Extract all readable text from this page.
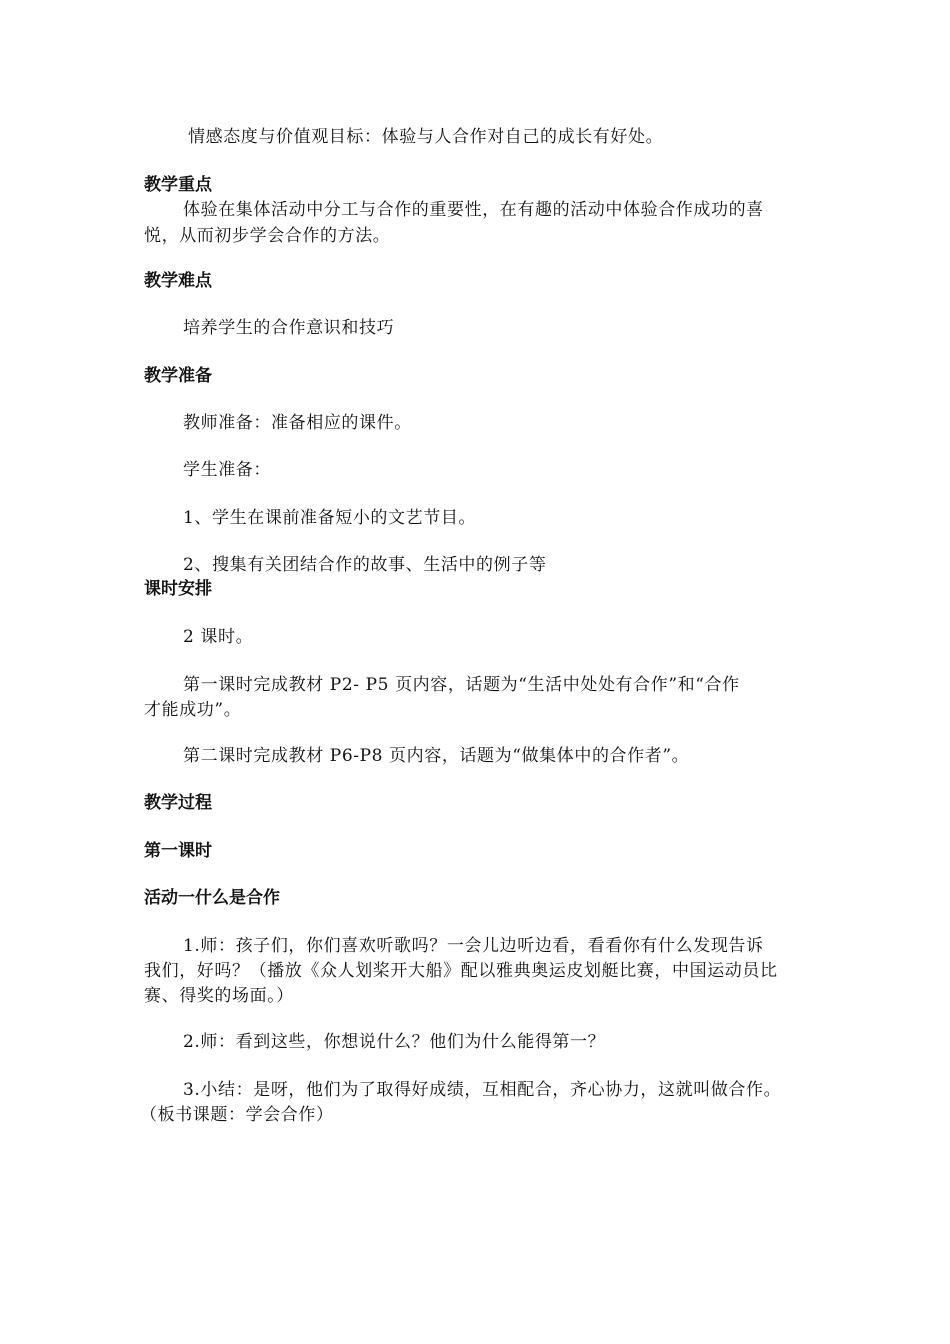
情感态度与价值观目标：体验与人合作对自己的成长有好处。
教学重点
体验在集体活动中分工与合作的重要性，在有趣的活动中体验合作成功的喜
悦，从而初步学会合作的方法。
教学难点
培养学生的合作意识和技巧
教学准备
教师准备：准备相应的课件。
学生准备：
1、学生在课前准备短小的文艺节目。
2、搜集有关团结合作的故事、生活中的例子等
课时安排
2 课时。
第一课时完成教材 P2- P5 页内容，话题为“生活中处处有合作”和“合作
才能成功”。
第二课时完成教材 P6-P8 页内容，话题为“做集体中的合作者”。
教学过程
第一课时
活动一什么是合作
1.师：孩子们，你们喜欢听歌吗？一会儿边听边看，看看你有什么发现告诉
我们，好吗？（播放《众人划桨开大船》配以雅典奥运皮划艇比赛，中国运动员比
赛、得奖的场面。）
2.师：看到这些，你想说什么？他们为什么能得第一？
3.小结：是呀，他们为了取得好成绩，互相配合，齐心协力，这就叫做合作。
（板书课题：学会合作）
